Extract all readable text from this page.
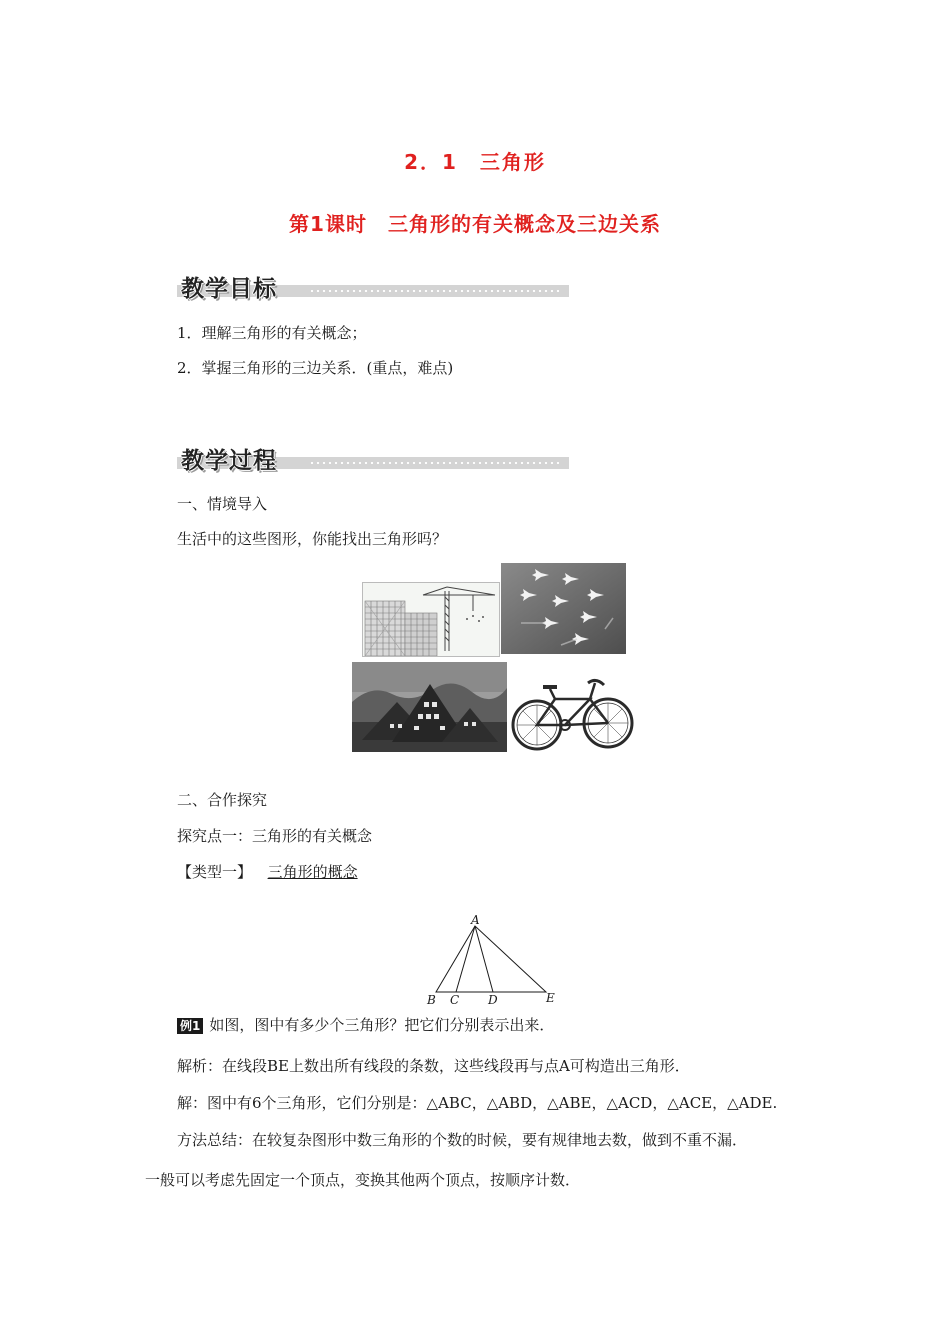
2．1　三角形
第1课时　三角形的有关概念及三边关系
教学目标
1．理解三角形的有关概念；
2．掌握三角形的三边关系．(重点，难点)
教学过程
一、情境导入
生活中的这些图形，你能找出三角形吗？
二、合作探究
探究点一：三角形的有关概念
【类型一】 三角形的概念
A
B C D	E
例1 如图，图中有多少个三角形？把它们分别表示出来．
解析：在线段BE上数出所有线段的条数，这些线段再与点A可构造出三角形．
解：图中有6个三角形，它们分别是：△ABC，△ABD，△ABE，△ACD，△ACE，△ADE.
方法总结：在较复杂图形中数三角形的个数的时候，要有规律地去数，做到不重不漏．
一般可以考虑先固定一个顶点，变换其他两个顶点，按顺序计数．
